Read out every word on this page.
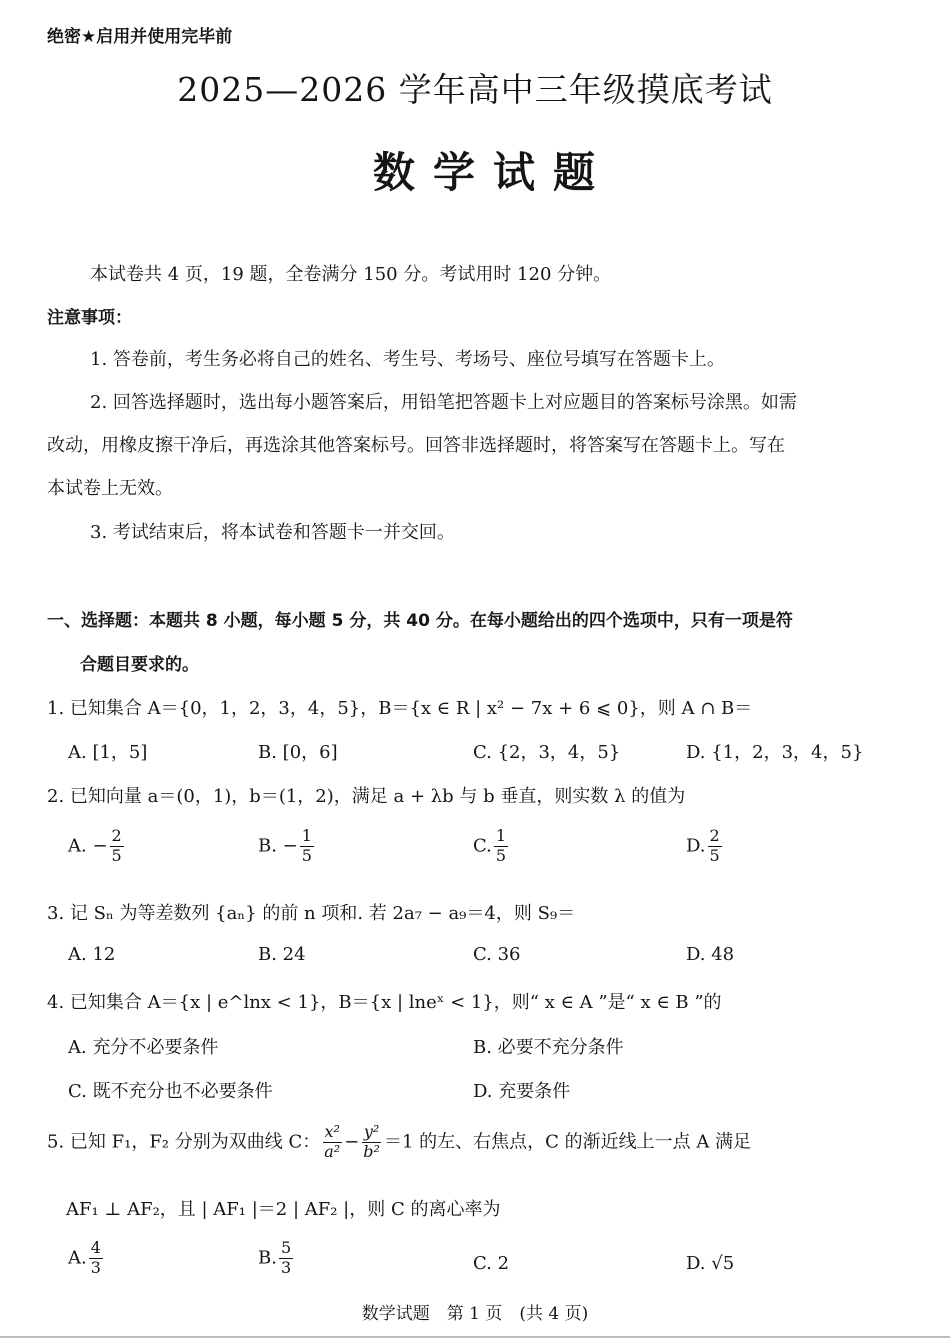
绝密★启用并使用完毕前
2025—2026 学年高中三年级摸底考试
数学试题
本试卷共 4 页，19 题，全卷满分 150 分。考试用时 120 分钟。
注意事项：
1. 答卷前，考生务必将自己的姓名、考生号、考场号、座位号填写在答题卡上。
2. 回答选择题时，选出每小题答案后，用铅笔把答题卡上对应题目的答案标号涂黑。如需
改动，用橡皮擦干净后，再选涂其他答案标号。回答非选择题时，将答案写在答题卡上。写在
本试卷上无效。
3. 考试结束后，将本试卷和答题卡一并交回。
一、选择题：本题共 8 小题，每小题 5 分，共 40 分。在每小题给出的四个选项中，只有一项是符
合题目要求的。
1. 已知集合 A＝{0，1，2，3，4，5}，B＝{x ∈ R | x² − 7x + 6 ⩽ 0}，则 A ∩ B＝
A. [1，5]	B. [0，6]	C. {2，3，4，5}	D. {1，2，3，4，5}
2. 已知向量 a＝(0，1)，b＝(1，2)，满足 a + λb 与 b 垂直，则实数 λ 的值为
A. − $\frac{2}{5}$	B. − $\frac{1}{5}$	C. $\frac{1}{5}$	D. $\frac{2}{5}$
3. 记 Sₙ 为等差数列 {aₙ} 的前 n 项和. 若 2a₇ − a₉＝4，则 S₉＝
A. 12	B. 24	C. 36	D. 48
4. 已知集合 A＝{x | e^lnx < 1}，B＝{x | lneˣ < 1}，则“ x ∈ A ”是“ x ∈ B ”的
A. 充分不必要条件	B. 必要不充分条件
C. 既不充分也不必要条件	D. 充要条件
5. 已知 F₁，F₂ 分别为双曲线 C： $\frac{\text{x²}}{\text{a²}} - \frac{\text{y²}}{\text{b²}} =1$ 的左、右焦点，C 的渐近线上一点 A 满足
AF₁ ⊥ AF₂，且 | AF₁ |＝2 | AF₂ |，则 C 的离心率为
A. $\frac{4}{3}$	B. $\frac{5}{3}$	C. 2	D. √5
数学试题　第 1 页　(共 4 页)
